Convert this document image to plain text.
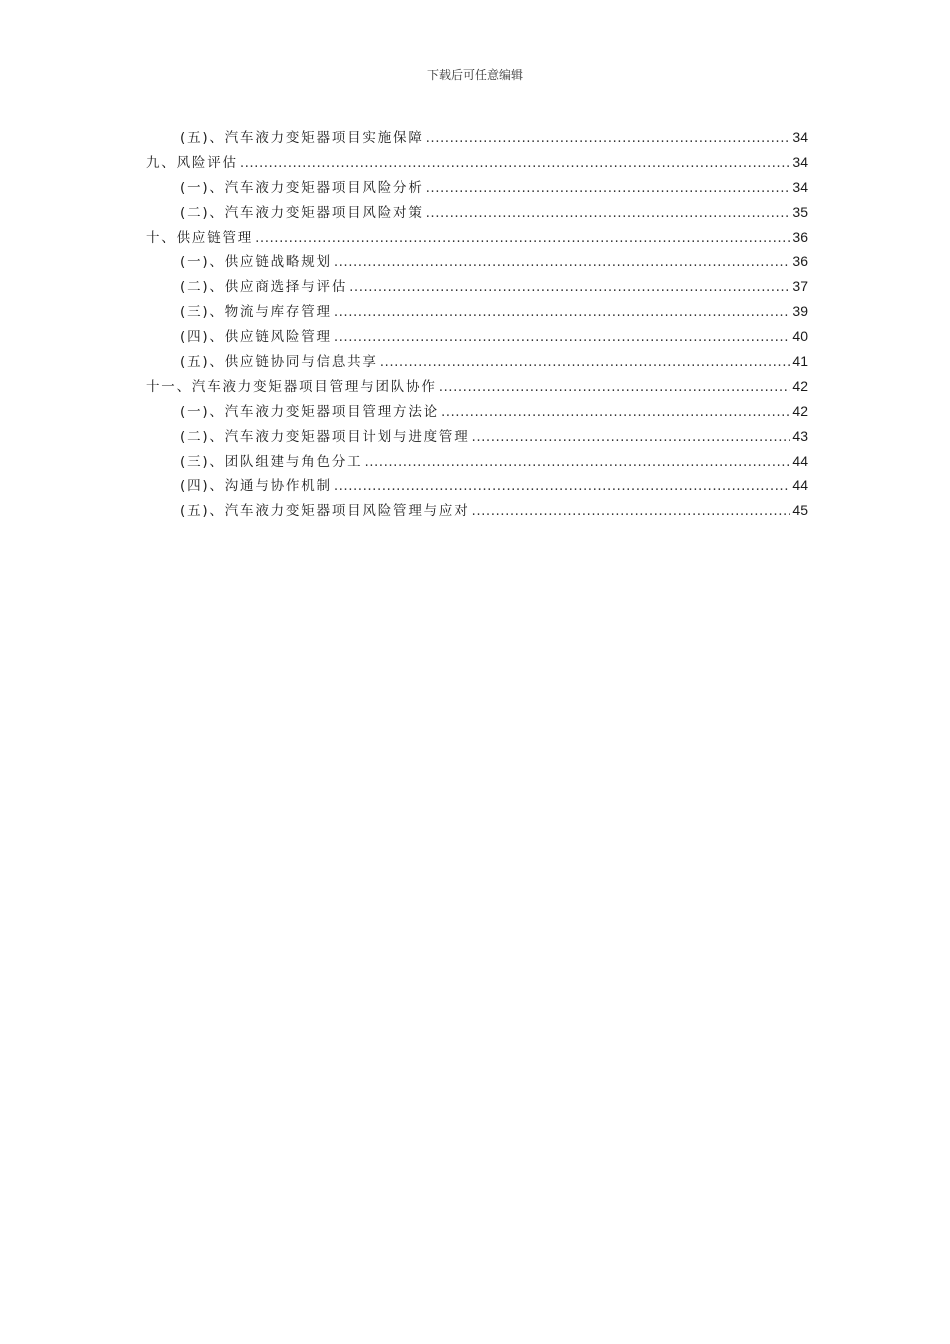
下载后可任意编辑
(五)、汽车液力变矩器项目实施保障 .....	34
九、风险评估 .....	34
(一)、汽车液力变矩器项目风险分析 .....	34
(二)、汽车液力变矩器项目风险对策 .....	35
十、供应链管理 .....	36
(一)、供应链战略规划 .....	36
(二)、供应商选择与评估 .....	37
(三)、物流与库存管理 .....	39
(四)、供应链风险管理 .....	40
(五)、供应链协同与信息共享 .....	41
十一、汽车液力变矩器项目管理与团队协作 .....	42
(一)、汽车液力变矩器项目管理方法论 .....	42
(二)、汽车液力变矩器项目计划与进度管理 .....	43
(三)、团队组建与角色分工 .....	44
(四)、沟通与协作机制 .....	44
(五)、汽车液力变矩器项目风险管理与应对 .....	45
